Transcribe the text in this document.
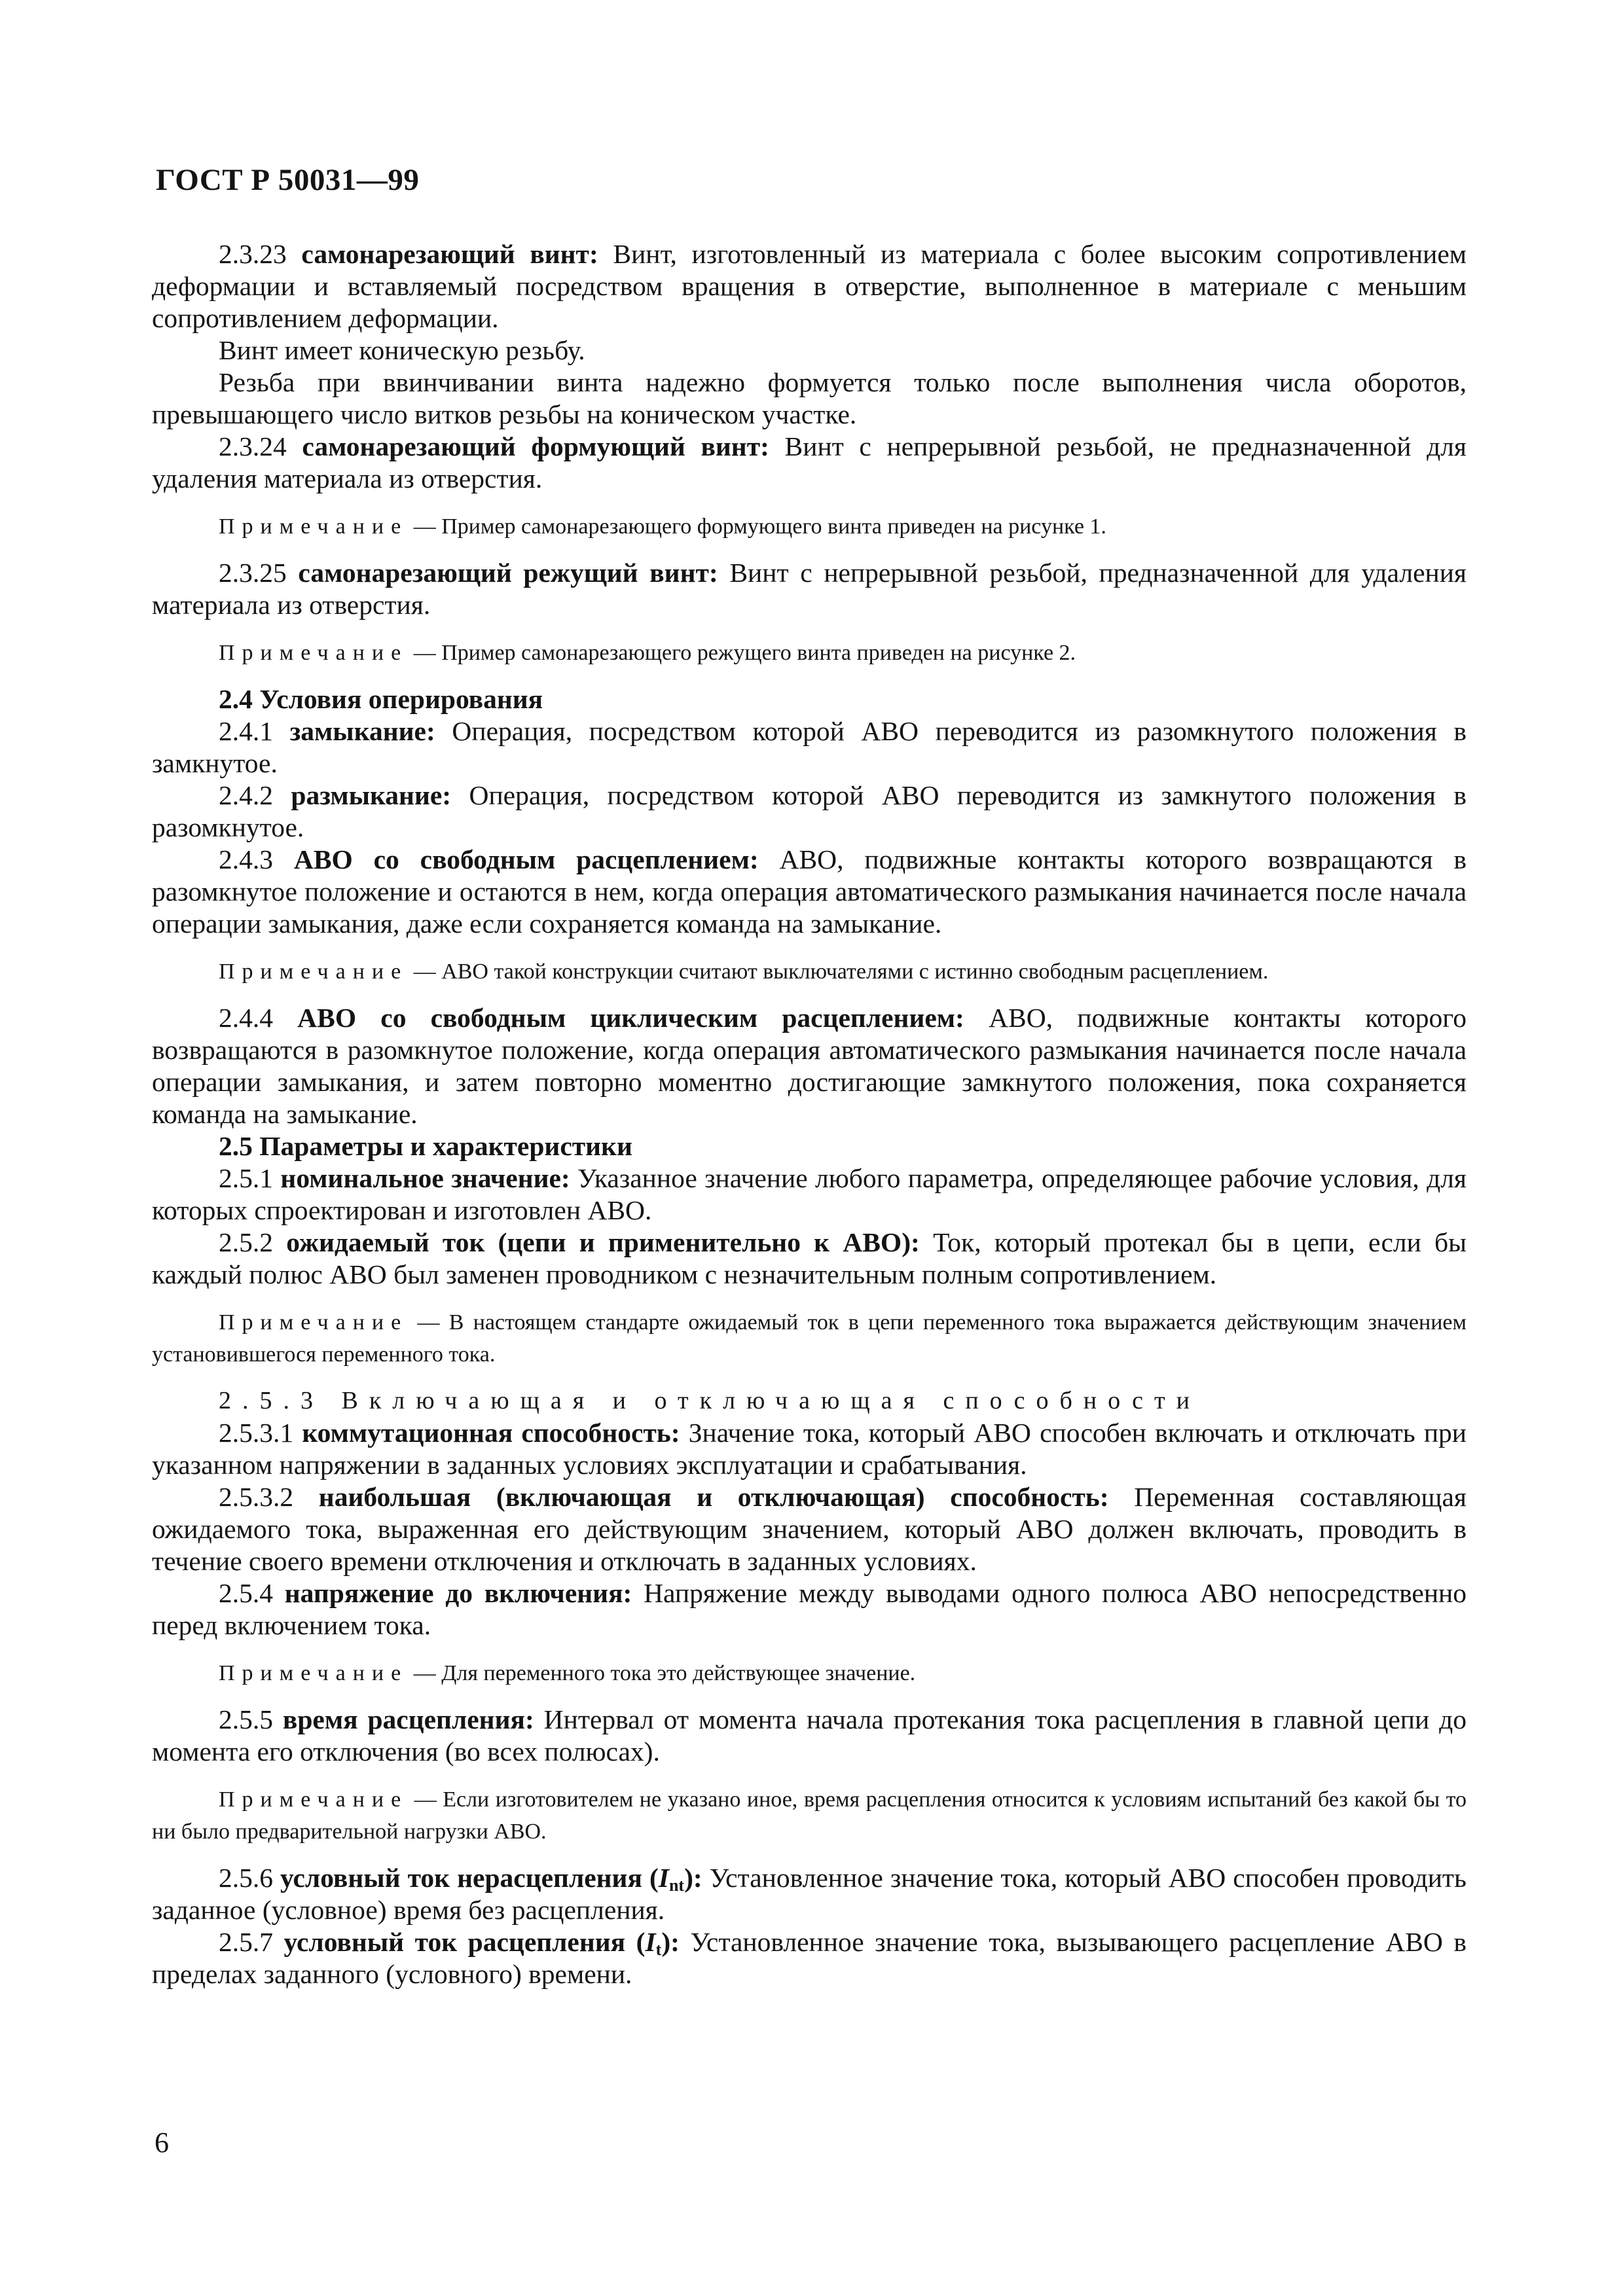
ГОСТ Р 50031—99

2.3.23 самонарезающий винт: Винт, изготовленный из материала с более высоким сопротивлением деформации и вставляемый посредством вращения в отверстие, выполненное в материале с меньшим сопротивлением деформации.

Винт имеет коническую резьбу.

Резьба при ввинчивании винта надежно формуется только после выполнения числа оборотов, превышающего число витков резьбы на коническом участке.

2.3.24 самонарезающий формующий винт: Винт с непрерывной резьбой, не предназначенной для удаления материала из отверстия.

Примечание — Пример самонарезающего формующего винта приведен на рисунке 1.

2.3.25 самонарезающий режущий винт: Винт с непрерывной резьбой, предназначенной для удаления материала из отверстия.

Примечание — Пример самонарезающего режущего винта приведен на рисунке 2.

2.4 Условия оперирования

2.4.1 замыкание: Операция, посредством которой АВО переводится из разомкнутого положения в замкнутое.

2.4.2 размыкание: Операция, посредством которой АВО переводится из замкнутого положения в разомкнутое.

2.4.3 АВО со свободным расцеплением: АВО, подвижные контакты которого возвращаются в разомкнутое положение и остаются в нем, когда операция автоматического размыкания начинается после начала операции замыкания, даже если сохраняется команда на замыкание.

Примечание — АВО такой конструкции считают выключателями с истинно свободным расцеплением.

2.4.4 АВО со свободным циклическим расцеплением: АВО, подвижные контакты которого возвращаются в разомкнутое положение, когда операция автоматического размыкания начинается после начала операции замыкания, и затем повторно моментно достигающие замкнутого положения, пока сохраняется команда на замыкание.

2.5 Параметры и характеристики

2.5.1 номинальное значение: Указанное значение любого параметра, определяющее рабочие условия, для которых спроектирован и изготовлен АВО.

2.5.2 ожидаемый ток (цепи и применительно к АВО): Ток, который протекал бы в цепи, если бы каждый полюс АВО был заменен проводником с незначительным полным сопротивлением.

Примечание — В настоящем стандарте ожидаемый ток в цепи переменного тока выражается действующим значением установившегося переменного тока.

2.5.3 Включающая и отключающая способности

2.5.3.1 коммутационная способность: Значение тока, который АВО способен включать и отключать при указанном напряжении в заданных условиях эксплуатации и срабатывания.

2.5.3.2 наибольшая (включающая и отключающая) способность: Переменная составляющая ожидаемого тока, выраженная его действующим значением, который АВО должен включать, проводить в течение своего времени отключения и отключать в заданных условиях.

2.5.4 напряжение до включения: Напряжение между выводами одного полюса АВО непосредственно перед включением тока.

Примечание — Для переменного тока это действующее значение.

2.5.5 время расцепления: Интервал от момента начала протекания тока расцепления в главной цепи до момента его отключения (во всех полюсах).

Примечание — Если изготовителем не указано иное, время расцепления относится к условиям испытаний без какой бы то ни было предварительной нагрузки АВО.

2.5.6 условный ток нерасцепления $(I_{nt})$: Установленное значение тока, который АВО способен проводить заданное (условное) время без расцепления.

2.5.7 условный ток расцепления $(I_t)$: Установленное значение тока, вызывающего расцепление АВО в пределах заданного (условного) времени.

6
